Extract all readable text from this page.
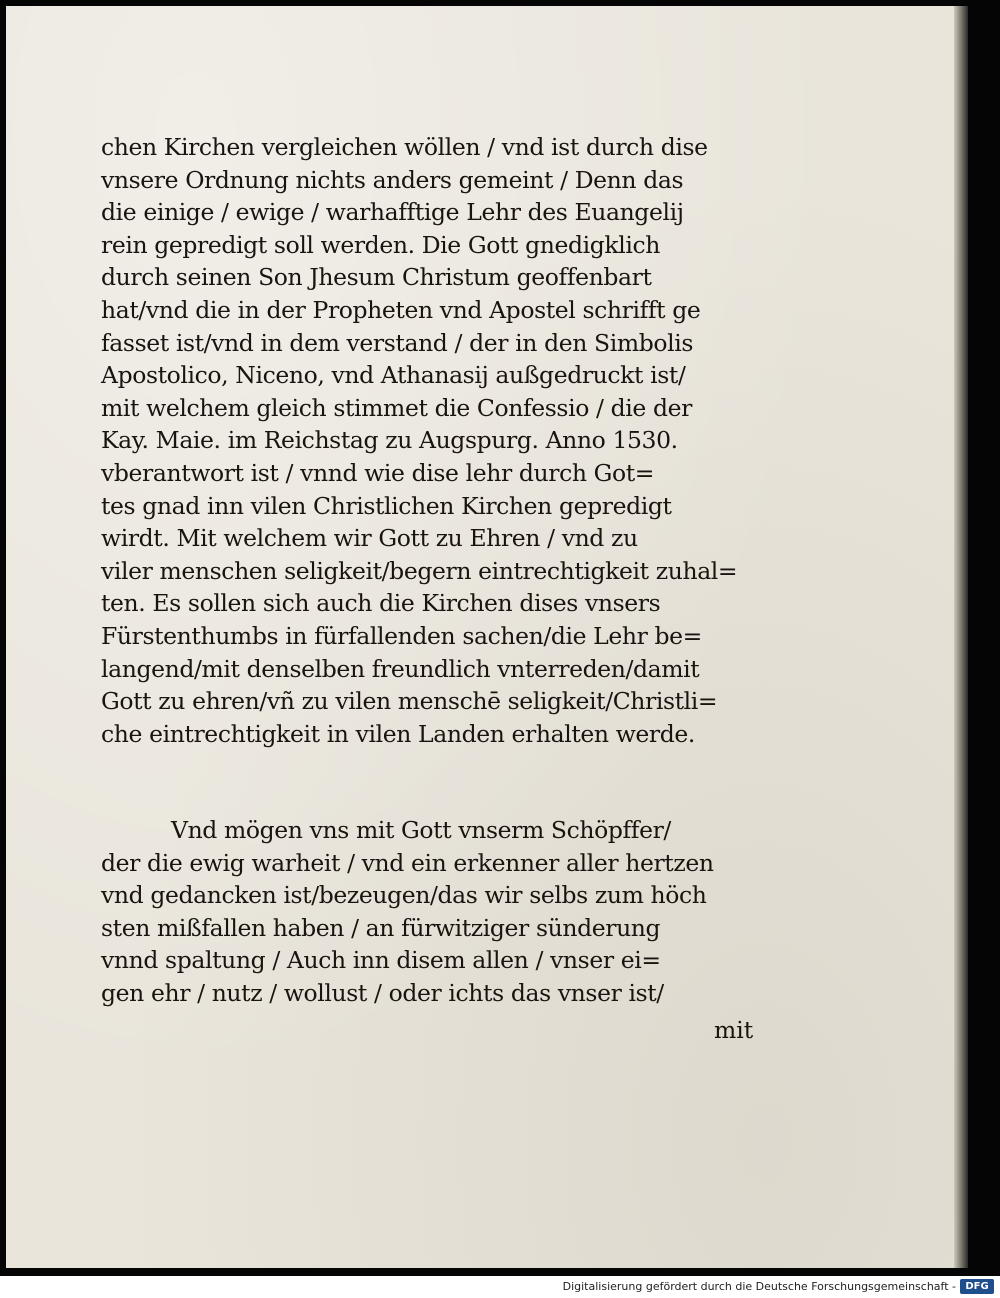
chen Kirchen vergleichen wöllen / vnd ist durch dise
vnsere Ordnung nichts anders gemeint / Denn das
die einige / ewige / warhafftige Lehr des Euangelij
rein gepredigt soll werden. Die Gott gnedigklich
durch seinen Son Jhesum Christum geoffenbart
hat/vnd die in der Propheten vnd Apostel schrifft ge
fasset ist/vnd in dem verstand / der in den Simbolis
Apostolico, Niceno, vnd Athanasij außgedruckt ist/
mit welchem gleich stimmet die Confessio / die der
Kay. Maie. im Reichstag zu Augspurg. Anno 1530.
vberantwort ist / vnnd wie dise lehr durch Got=
tes gnad inn vilen Christlichen Kirchen gepredigt
wirdt. Mit welchem wir Gott zu Ehren / vnd zu
viler menschen seligkeit/begern eintrechtigkeit zuhal=
ten. Es sollen sich auch die Kirchen dises vnsers
Fürstenthumbs in fürfallenden sachen/die Lehr be=
langend/mit denselben freundlich vnterreden/damit
Gott zu ehren/vñ zu vilen menschē seligkeit/Christli=
che eintrechtigkeit in vilen Landen erhalten werde.
Vnd mögen vns mit Gott vnserm Schöpffer/
der die ewig warheit / vnd ein erkenner aller hertzen
vnd gedancken ist/bezeugen/das wir selbs zum höch
sten mißfallen haben / an fürwitziger sünderung
vnnd spaltung / Auch inn disem allen / vnser ei=
gen ehr / nutz / wollust / oder ichts das vnser ist/
mit
Digitalisierung gefördert durch die Deutsche Forschungsgemeinschaft - DFG
